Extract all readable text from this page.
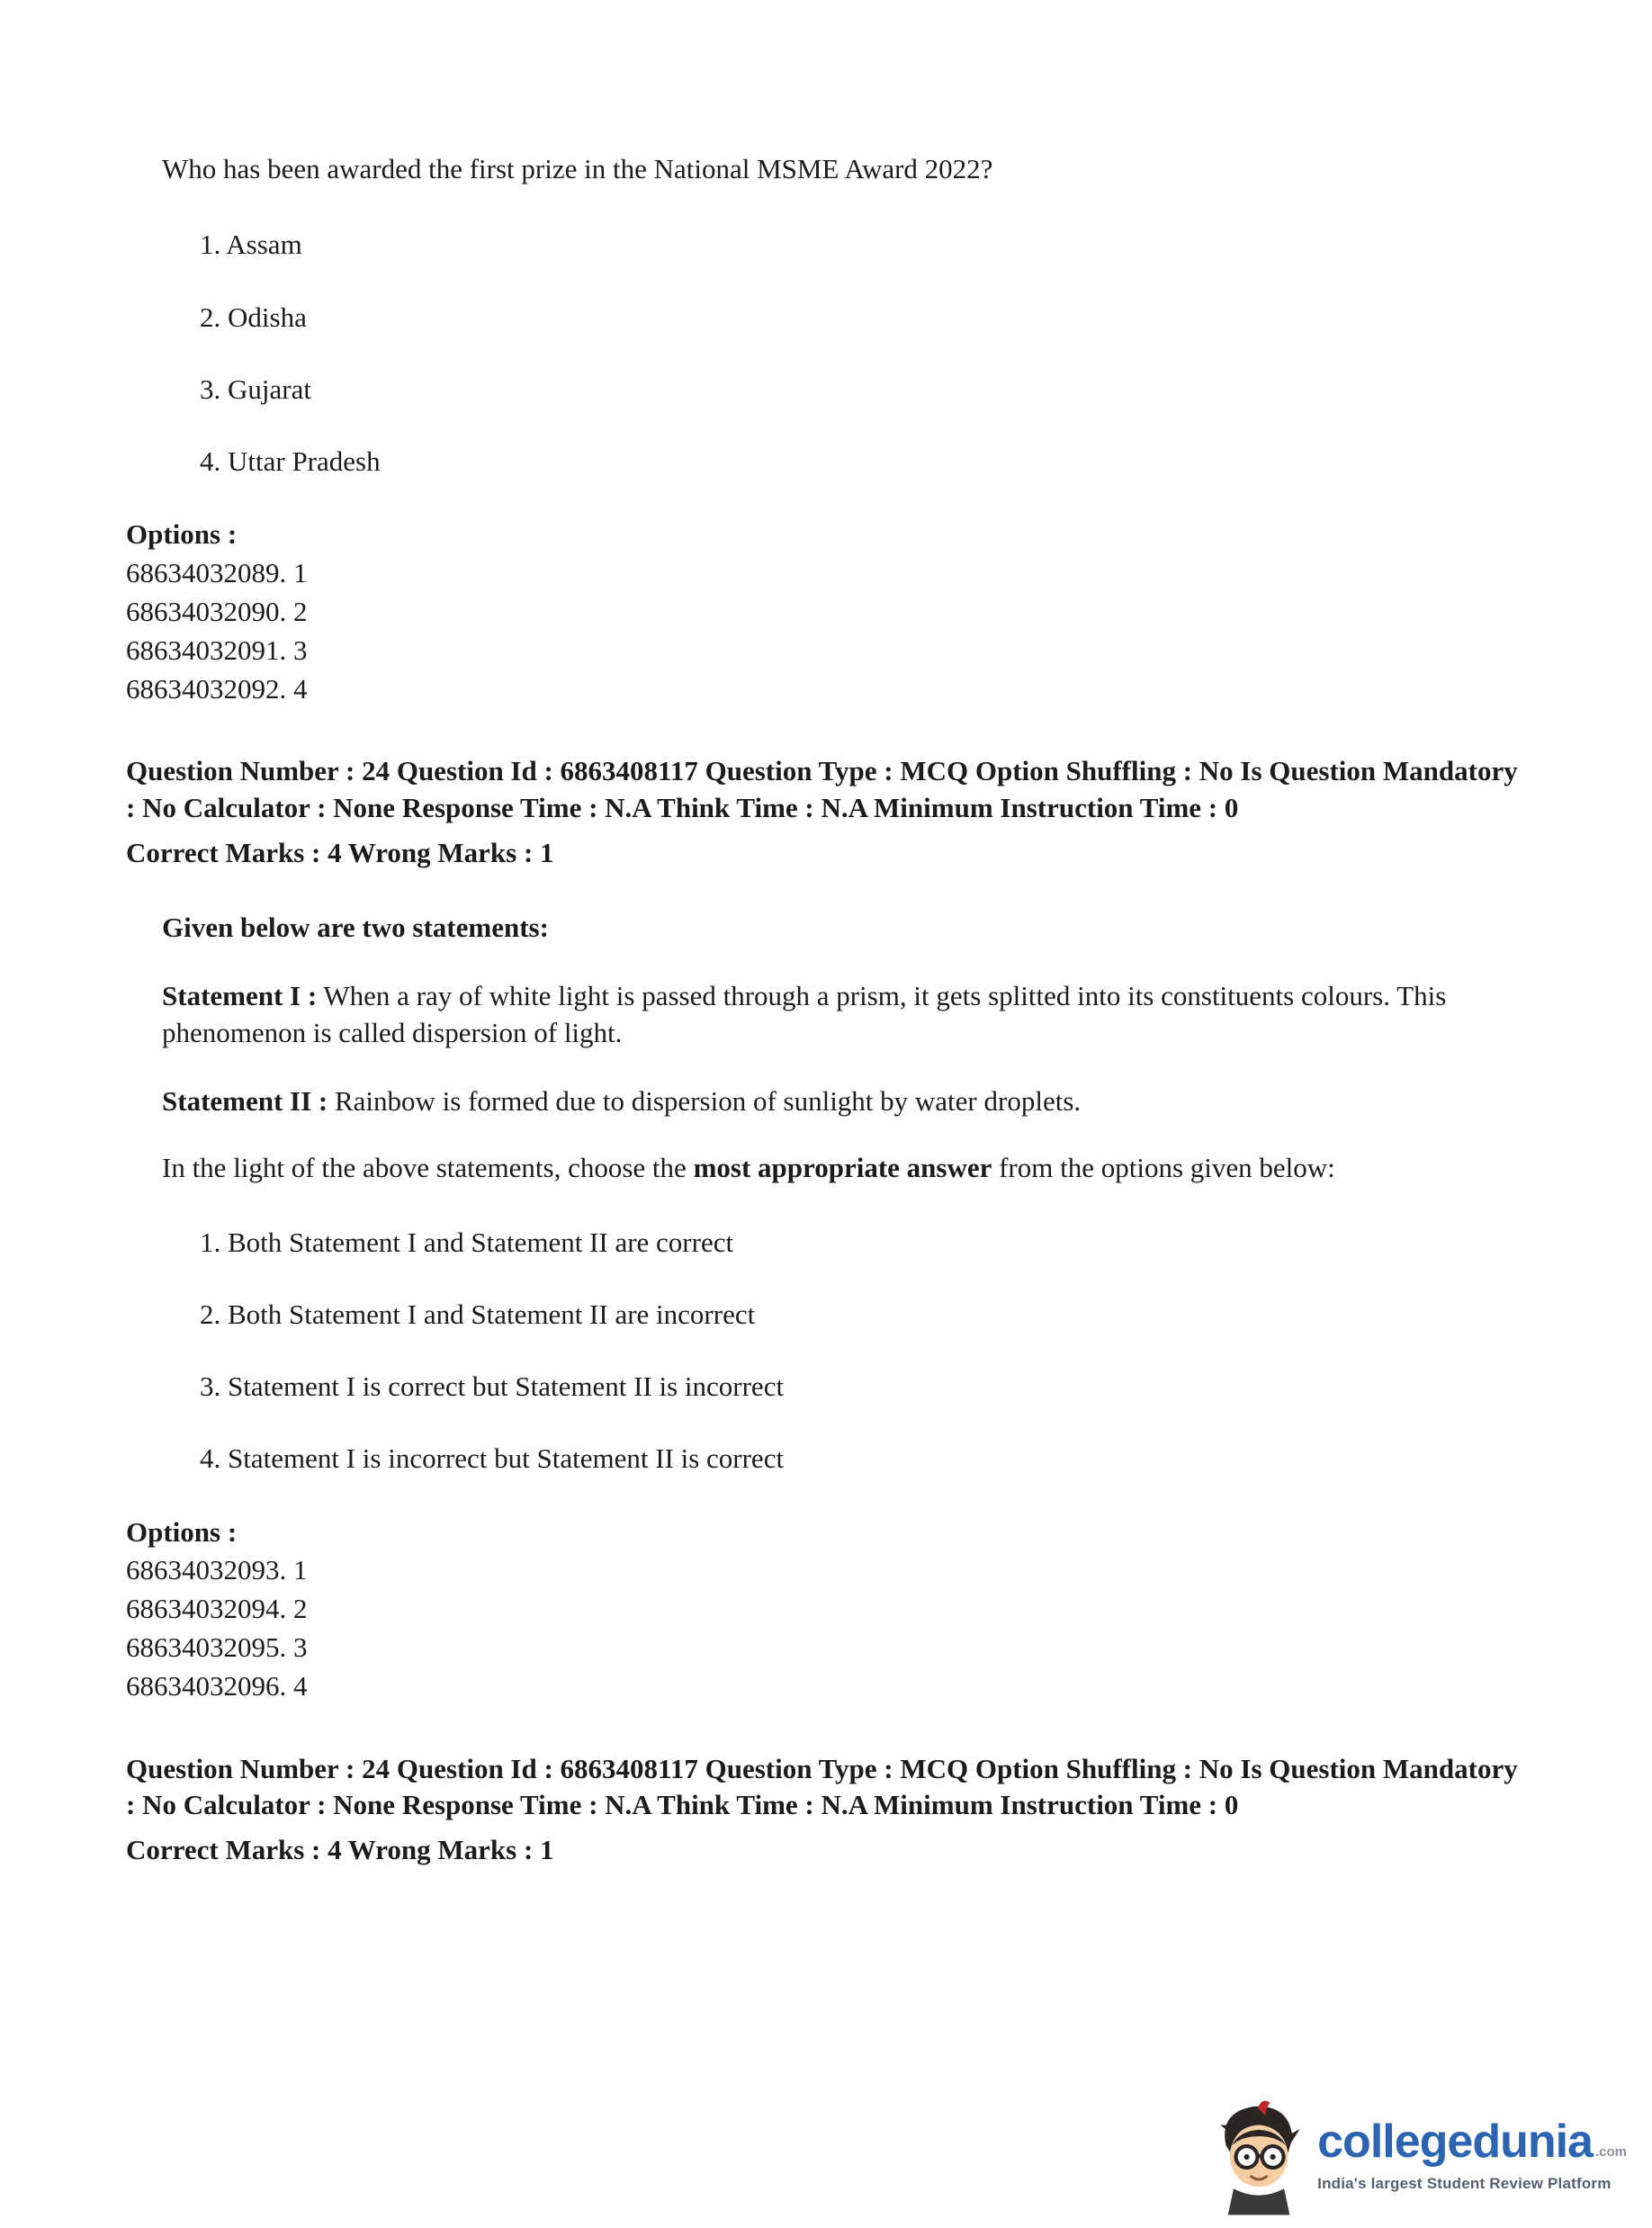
Who has been awarded the first prize in the National MSME Award 2022?

1. Assam
2. Odisha
3. Gujarat
4. Uttar Pradesh

Options :

68634032089. 1
68634032090. 2
68634032091. 3
68634032092. 4

Question Number : 24 Question Id : 6863408117 Question Type : MCQ Option Shuffling : No Is Question Mandatory : No Calculator : None Response Time : N.A Think Time : N.A Minimum Instruction Time : 0

Correct Marks : 4 Wrong Marks : 1

Given below are two statements:

Statement I : When a ray of white light is passed through a prism, it gets splitted into its constituents colours. This phenomenon is called dispersion of light.

Statement II : Rainbow is formed due to dispersion of sunlight by water droplets.

In the light of the above statements, choose the most appropriate answer from the options given below:

1. Both Statement I and Statement II are correct
2. Both Statement I and Statement II are incorrect
3. Statement I is correct but Statement II is incorrect
4. Statement I is incorrect but Statement II is correct

Options :

68634032093. 1
68634032094. 2
68634032095. 3
68634032096. 4

Question Number : 24 Question Id : 6863408117 Question Type : MCQ Option Shuffling : No Is Question Mandatory : No Calculator : None Response Time : N.A Think Time : N.A Minimum Instruction Time : 0

Correct Marks : 4 Wrong Marks : 1

collegedunia .com
India's largest Student Review Platform
